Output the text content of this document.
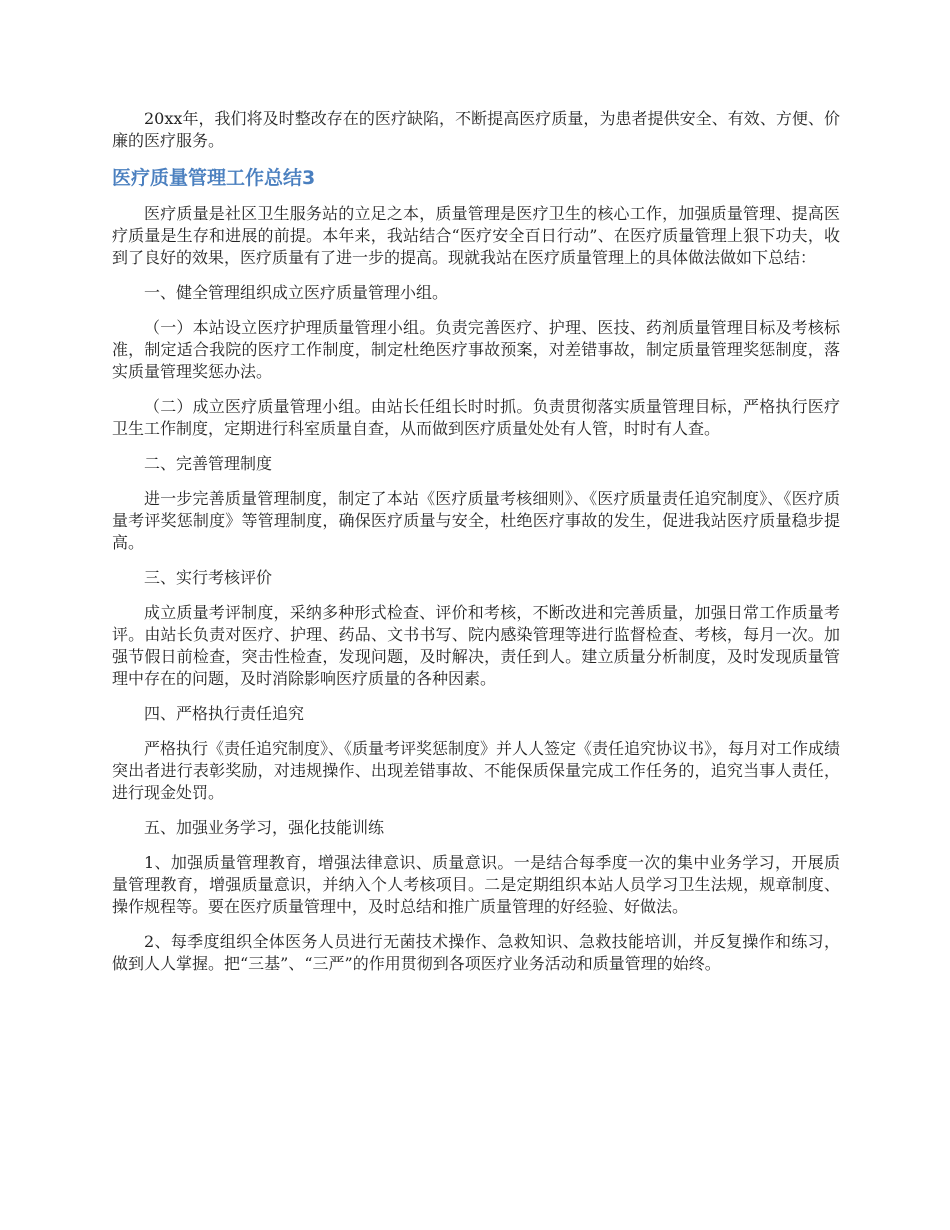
20xx年，我们将及时整改存在的医疗缺陷，不断提高医疗质量，为患者提供安全、有效、方便、价廉的医疗服务。

医疗质量管理工作总结3

医疗质量是社区卫生服务站的立足之本，质量管理是医疗卫生的核心工作，加强质量管理、提高医疗质量是生存和进展的前提。本年来，我站结合“医疗安全百日行动”、在医疗质量管理上狠下功夫，收到了良好的效果，医疗质量有了进一步的提高。现就我站在医疗质量管理上的具体做法做如下总结：

一、健全管理组织成立医疗质量管理小组。

（一）本站设立医疗护理质量管理小组。负责完善医疗、护理、医技、药剂质量管理目标及考核标准，制定适合我院的医疗工作制度，制定杜绝医疗事故预案，对差错事故，制定质量管理奖惩制度，落实质量管理奖惩办法。

（二）成立医疗质量管理小组。由站长任组长时时抓。负责贯彻落实质量管理目标，严格执行医疗卫生工作制度，定期进行科室质量自查，从而做到医疗质量处处有人管，时时有人查。

二、完善管理制度

进一步完善质量管理制度，制定了本站《医疗质量考核细则》、《医疗质量责任追究制度》、《医疗质量考评奖惩制度》等管理制度，确保医疗质量与安全，杜绝医疗事故的发生，促进我站医疗质量稳步提高。

三、实行考核评价

成立质量考评制度，采纳多种形式检查、评价和考核，不断改进和完善质量，加强日常工作质量考评。由站长负责对医疗、护理、药品、文书书写、院内感染管理等进行监督检查、考核，每月一次。加强节假日前检查，突击性检查，发现问题，及时解决，责任到人。建立质量分析制度，及时发现质量管理中存在的问题，及时消除影响医疗质量的各种因素。

四、严格执行责任追究

严格执行《责任追究制度》、《质量考评奖惩制度》并人人签定《责任追究协议书》，每月对工作成绩突出者进行表彰奖励，对违规操作、出现差错事故、不能保质保量完成工作任务的，追究当事人责任，进行现金处罚。

五、加强业务学习，强化技能训练

1、加强质量管理教育，增强法律意识、质量意识。一是结合每季度一次的集中业务学习，开展质量管理教育，增强质量意识，并纳入个人考核项目。二是定期组织本站人员学习卫生法规，规章制度、操作规程等。要在医疗质量管理中，及时总结和推广质量管理的好经验、好做法。

2、每季度组织全体医务人员进行无菌技术操作、急救知识、急救技能培训，并反复操作和练习，做到人人掌握。把“三基”、“三严”的作用贯彻到各项医疗业务活动和质量管理的始终。
